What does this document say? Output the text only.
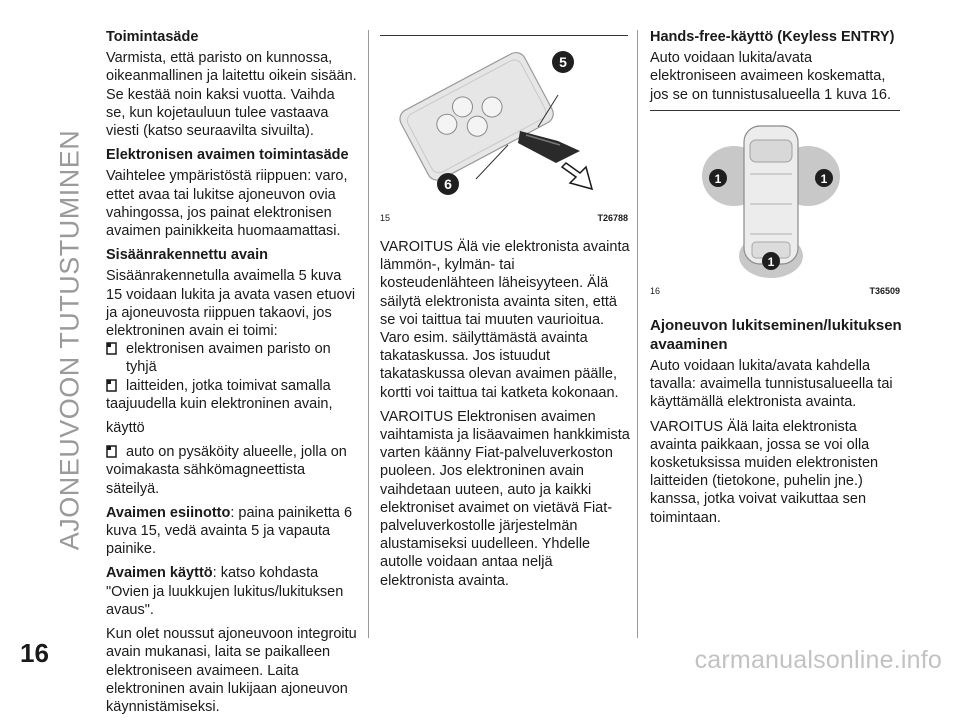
AJONEUVOON TUTUSTUMINEN
16
Toimintasäde

Varmista, että paristo on kunnossa, oikeanmallinen ja laitettu oikein sisään. Se kestää noin kaksi vuotta. Vaihda se, kun kojetauluun tulee vastaava viesti (katso seuraavilta sivuilta).

Elektronisen avaimen toimintasäde

Vaihtelee ympäristöstä riippuen: varo, ettet avaa tai lukitse ajoneuvon ovia vahingossa, jos painat elektronisen avaimen painikkeita huomaamattasi.

Sisäänrakennettu avain

Sisäänrakennetulla avaimella 5 kuva 15 voidaan lukita ja avata vasen etuovi ja ajoneuvosta riippuen takaovi, jos elektroninen avain ei toimi:

elektronisen avaimen paristo on tyhjä
laitteiden, jotka toimivat samalla

taajuudella kuin elektroninen avain,

käyttö

auto on pysäköity alueelle, jolla on

voimakasta sähkömagneettista säteilyä.

Avaimen esiinotto: paina painiketta 6 kuva 15, vedä avainta 5 ja vapauta painike.

Avaimen käyttö: katso kohdasta "Ovien ja luukkujen lukitus/lukituksen avaus".

Kun olet noussut ajoneuvoon integroitu avain mukanasi, laita se paikalleen elektroniseen avaimeen. Laita elektroninen avain lukijaan ajoneuvon käynnistämiseksi.

5
6
15	T26788

VAROITUS Älä vie elektronista avainta lämmön-, kylmän- tai kosteudenlähteen läheisyyteen. Älä säilytä elektronista avainta siten, että se voi taittua tai muuten vaurioitua. Varo esim. säilyttämästä avainta takataskussa. Jos istuudut takataskussa olevan avaimen päälle, kortti voi taittua tai katketa kokonaan.

VAROITUS Elektronisen avaimen vaihtamista ja lisäavaimen hankkimista varten käänny Fiat-palveluverkoston puoleen. Jos elektroninen avain vaihdetaan uuteen, auto ja kaikki elektroniset avaimet on vietävä Fiat-palveluverkostolle järjestelmän alustamiseksi uudelleen. Yhdelle autolle voidaan antaa neljä elektronista avainta.

Hands-free-käyttö (Keyless ENTRY)

Auto voidaan lukita/avata elektroniseen avaimeen koskematta, jos se on tunnistusalueella 1 kuva 16.

1	1
1
16	T36509
Ajoneuvon lukitseminen/lukituksen avaaminen

Auto voidaan lukita/avata kahdella tavalla: avaimella tunnistusalueella tai käyttämällä elektronista avainta.

VAROITUS Älä laita elektronista avainta paikkaan, jossa se voi olla kosketuksissa muiden elektronisten laitteiden (tietokone, puhelin jne.) kanssa, jotka voivat vaikuttaa sen toimintaan.

carmanualsonline.info
